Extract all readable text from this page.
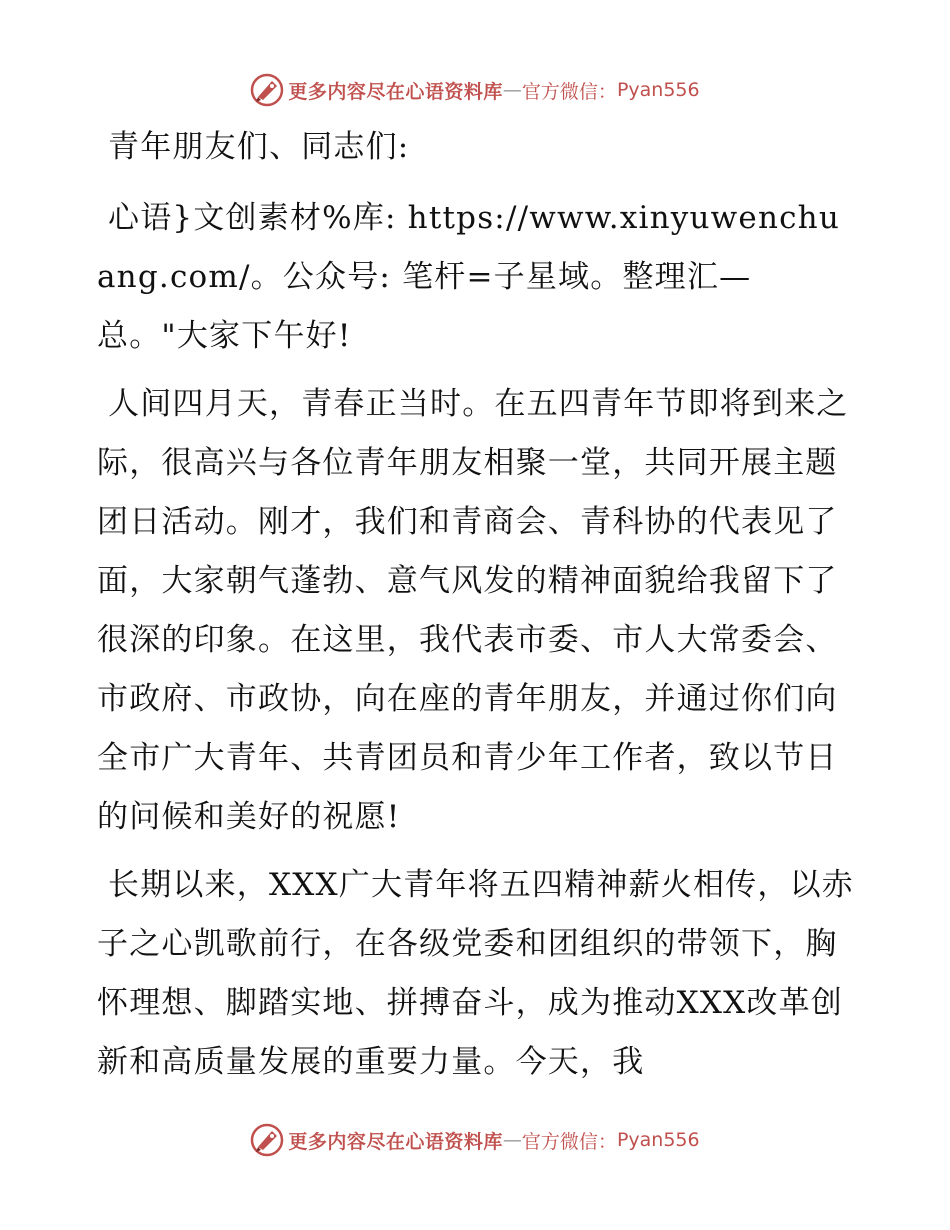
更多内容尽在心语资料库 — 官方微信： Pyan556

青年朋友们、同志们:

心语}文创素材%库: https://www.xinyuwenchuang.com/。公众号: 笔杆=子星域。整理汇—总。"大家下午好!

人间四月天，青春正当时。在五四青年节即将到来之际，很高兴与各位青年朋友相聚一堂，共同开展主题团日活动。刚才，我们和青商会、青科协的代表见了面，大家朝气蓬勃、意气风发的精神面貌给我留下了很深的印象。在这里，我代表市委、市人大常委会、市政府、市政协，向在座的青年朋友，并通过你们向全市广大青年、共青团员和青少年工作者，致以节日的问候和美好的祝愿!

长期以来，XXX广大青年将五四精神薪火相传，以赤子之心凯歌前行，在各级党委和团组织的带领下，胸怀理想、脚踏实地、拼搏奋斗，成为推动XXX改革创新和高质量发展的重要力量。今天，我

更多内容尽在心语资料库 — 官方微信： Pyan556
